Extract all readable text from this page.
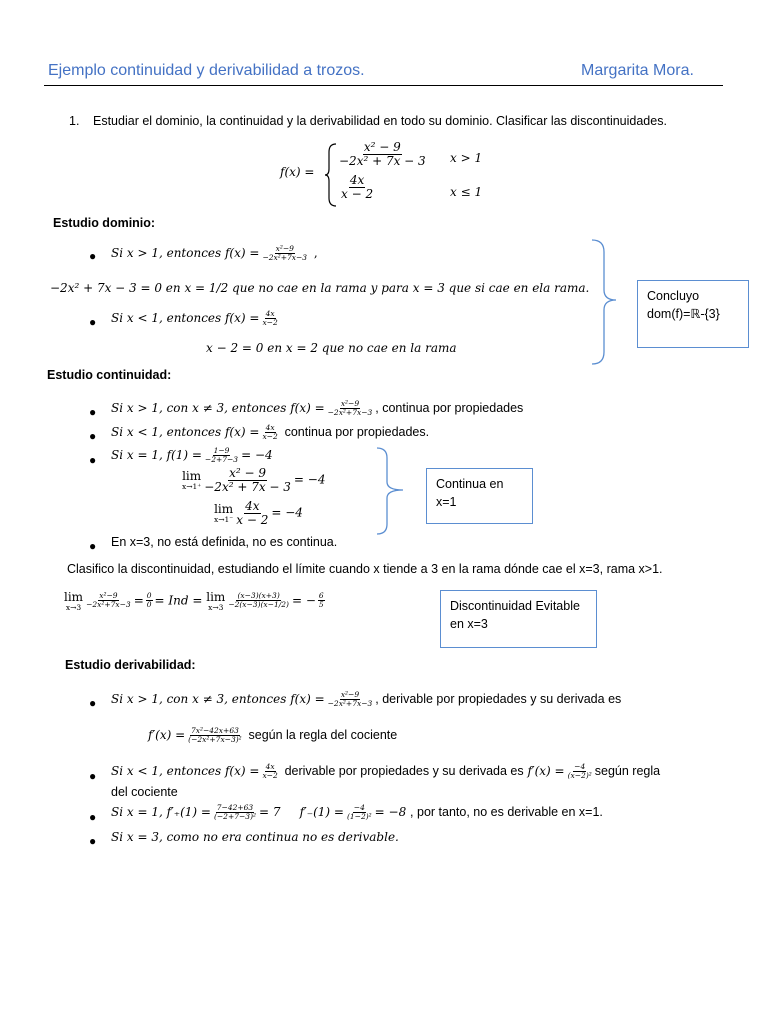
Ejemplo continuidad y derivabilidad a trozos.	Margarita Mora.
1. Estudiar el dominio, la continuidad y la derivabilidad en todo su dominio. Clasificar las discontinuidades.
f(x) =
$\frac{\text{x² − 9}}{\text{−2x² + 7x − 3}}$ x > 1
$\frac{4x}{x - 2}$	x ≤ 1
Estudio dominio:
● Si x > 1, entonces $f(x) = \frac{\text{x²−9}}{\text{−2x²+7x−3}}$ ,
−2x² + 7x − 3 = 0 en x = 1/2 que no cae en la rama y para x = 3 que si cae en ela rama.
● Si x < 1, entonces $f(x) = \frac{4x}{x-2}$
x − 2 = 0 en x = 2 que no cae en la rama
Concluyo
dom(f)=ℝ-{3}
Estudio continuidad:
● Si x > 1, con x ≠ 3, entonces $f(x) = \frac{\text{x²−9}}{\text{−2x²+7x−3}}$ , continua por propiedades
● Si x < 1, entonces $f(x) = \frac{4x}{x-2}$ continua por propiedades.
● Si x = 1, $f(1) = \frac{1-9}{-2+7-3} = -4$
lim
$x\to 1^+ \frac{\text{x² − 9}}{\text{−2x² + 7x − 3}} = -4$
lim
$x\to 1^- \frac{4x}{x - 2} = -4$
Continua en
x=1
● En x=3, no está definida, no es continua.
Clasifico la discontinuidad, estudiando el límite cuando x tiende a 3 en la rama dónde cae el x=3, rama x>1.
lim
$x\to 3 \frac{\text{x²−9}}{\text{−2x²+7x−3}} = \frac{0}{0}$ = Ind = lim
$x\to 3 \frac{(x-3)(x+3)}{-2(x-3)(x-1/2)}$ = − $\frac{6}{5}$	Discontinuidad Evitable
en x=3
Estudio derivabilidad:
● Si x > 1, con x ≠ 3, entonces $f(x) = \frac{\text{x²−9}}{\text{−2x²+7x−3}}$ , derivable por propiedades y su derivada es
$f'(x) = \frac{\text{7x²−42x+63}}{\text{(−2x²+7x−3)²}}$ según la regla del cociente
● Si x < 1, entonces $f(x) = \frac{4x}{x-2}$ derivable por propiedades y su derivada es $f'(x) = \frac{-4}{\text{(x−2)²}}$ según regla
del cociente
● Si x = 1, $f'_+(1) = \frac{7-42+63}{\text{(−2+7−3)²}} = 7$ $f'_-(1) = \frac{-4}{\text{(1−2)²}} = -8$ , por tanto, no es derivable en x=1.
● Si x = 3, como no era continua no es derivable.
